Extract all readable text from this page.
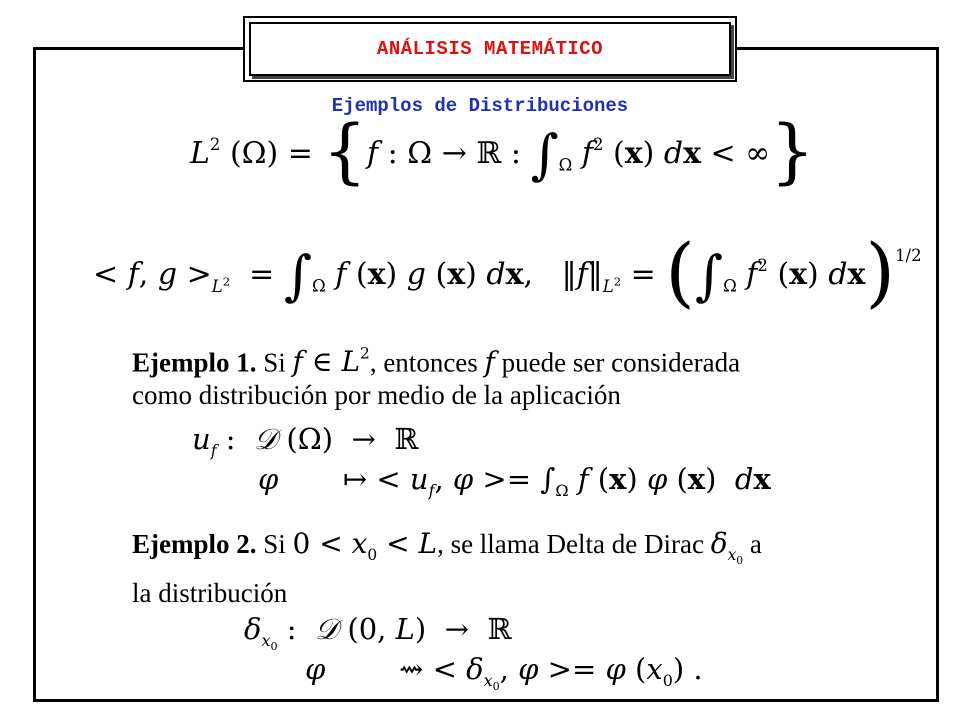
ANÁLISIS MATEMÁTICO
Ejemplos de Distribuciones
$L^2$ (Ω) = {f : Ω → ℝ : $\int_\Omega$ $f^2$ (x) dx < ∞}
< f, $g >_{L^2} = \int_\Omega$ f (x) g (x) dx,   $‖f‖_{L^2} = (\int_\Omega$ $f^2$ (x) dx)$^{1/2}$
Ejemplo 1. Si f ∈ $L^2$, entonces f puede ser considerada
como distribución por medio de la aplicación
$u_f$ :  𝒟 (Ω)  →  ℝ
φ       ↦ < $u_f$, $\varphi >= \int_\Omega$ f (x) φ (x)  dx
Ejemplo 2. Si $0 < x_0 < L$, se llama Delta de Dirac $\delta_{x_0}$ a
la distribución
$\delta_{x_0}$ :  𝒟 (0, L)  →  ℝ
φ        ⇝ < $\delta_{x_0}$, φ >= φ $(x_0)$ .
